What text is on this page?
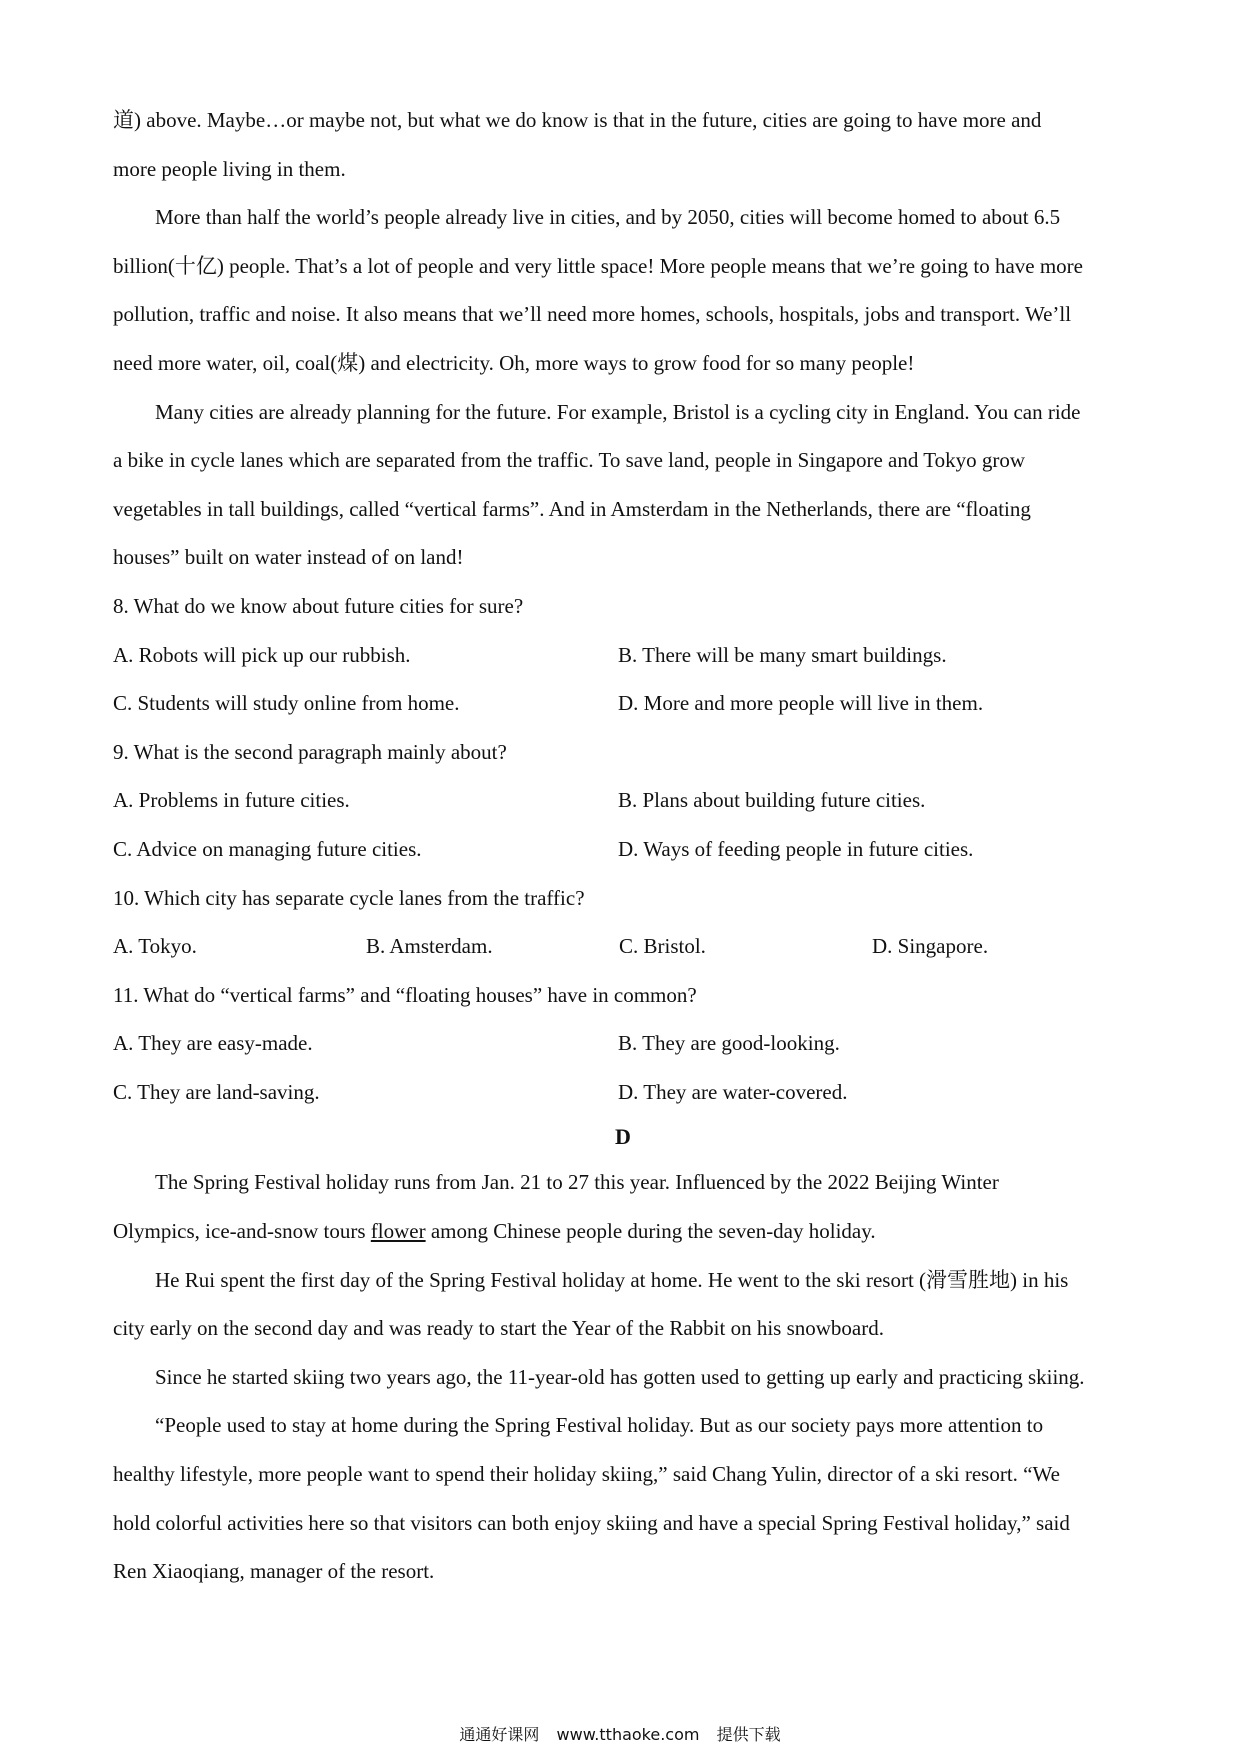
道) above. Maybe…or maybe not, but what we do know is that in the future, cities are going to have more and
more people living in them.
More than half the world’s people already live in cities, and by 2050, cities will become homed to about 6.5
billion(十亿) people. That’s a lot of people and very little space! More people means that we’re going to have more
pollution, traffic and noise. It also means that we’ll need more homes, schools, hospitals, jobs and transport. We’ll
need more water, oil, coal(煤) and electricity. Oh, more ways to grow food for so many people!
Many cities are already planning for the future. For example, Bristol is a cycling city in England. You can ride
a bike in cycle lanes which are separated from the traffic. To save land, people in Singapore and Tokyo grow
vegetables in tall buildings, called “vertical farms”. And in Amsterdam in the Netherlands, there are “floating
houses” built on water instead of on land!
8. What do we know about future cities for sure?
A. Robots will pick up our rubbish.	B. There will be many smart buildings.
C. Students will study online from home.	D. More and more people will live in them.
9. What is the second paragraph mainly about?
A. Problems in future cities.	B. Plans about building future cities.
C. Advice on managing future cities.	D. Ways of feeding people in future cities.
10. Which city has separate cycle lanes from the traffic?
A. Tokyo.	B. Amsterdam.	C. Bristol.	D. Singapore.
11. What do “vertical farms” and “floating houses” have in common?
A. They are easy-made.	B. They are good-looking.
C. They are land-saving.	D. They are water-covered.
D
The Spring Festival holiday runs from Jan. 21 to 27 this year. Influenced by the 2022 Beijing Winter
Olympics, ice-and-snow tours flower among Chinese people during the seven-day holiday.
He Rui spent the first day of the Spring Festival holiday at home. He went to the ski resort (滑雪胜地) in his
city early on the second day and was ready to start the Year of the Rabbit on his snowboard.
Since he started skiing two years ago, the 11-year-old has gotten used to getting up early and practicing skiing.
“People used to stay at home during the Spring Festival holiday. But as our society pays more attention to
healthy lifestyle, more people want to spend their holiday skiing,” said Chang Yulin, director of a ski resort. “We
hold colorful activities here so that visitors can both enjoy skiing and have a special Spring Festival holiday,” said
Ren Xiaoqiang, manager of the resort.
通通好课网 www.tthaoke.com 提供下载
